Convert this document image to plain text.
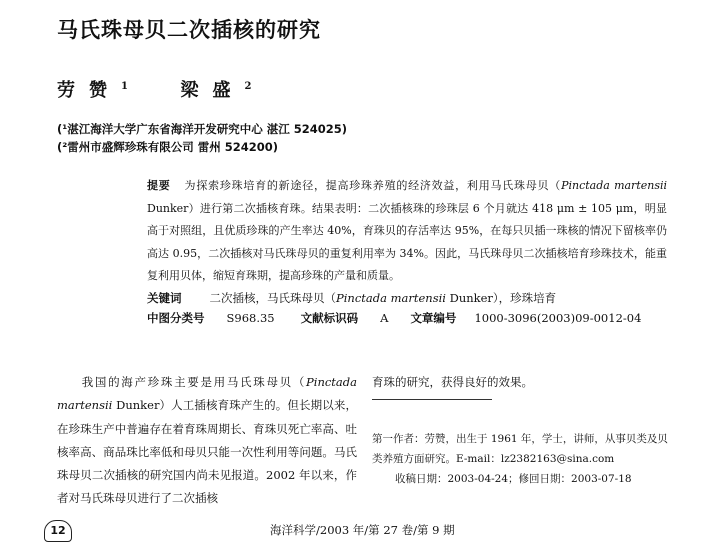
马氏珠母贝二次插核的研究
劳赞$^1$	梁盛$^2$
(¹湛江海洋大学广东省海洋开发研究中心 湛江 524025)
(²雷州市盛辉珍珠有限公司 雷州 524200)
提要 为探索珍珠培育的新途径，提高珍珠养殖的经济效益，利用马氏珠母贝（Pinctada martensii Dunker）进行第二次插核育珠。结果表明：二次插核珠的珍珠层 6 个月就达 418 μm ± 105 μm，明显高于对照组，且优质珍珠的产生率达 40%，育珠贝的存活率达 95%，在每只贝插一珠核的情况下留核率仍高达 0.95，二次插核对马氏珠母贝的重复利用率为 34%。因此，马氏珠母贝二次插核培育珍珠技术，能重复利用贝体，缩短育珠期，提高珍珠的产量和质量。
关键词 二次插核，马氏珠母贝（Pinctada martensii Dunker），珍珠培育
中图分类号 S968.35 文献标识码 A 文章编号 1000-3096(2003)09-0012-04
我国的海产珍珠主要是用马氏珠母贝（Pinctada martensii Dunker）人工插核育珠产生的。但长期以来，在珍珠生产中普遍存在着育珠周期长、育珠贝死亡率高、吐核率高、商品珠比率低和母贝只能一次性利用等问题。马氏珠母贝二次插核的研究国内尚未见报道。2002 年以来，作者对马氏珠母贝进行了二次插核
育珠的研究，获得良好的效果。
第一作者：劳赞，出生于 1961 年，学士，讲师，从事贝类及贝类养殖方面研究。E-mail：lz2382163@sina.com
收稿日期：2003-04-24；修回日期：2003-07-18
12	海洋科学/2003 年/第 27 卷/第 9 期
